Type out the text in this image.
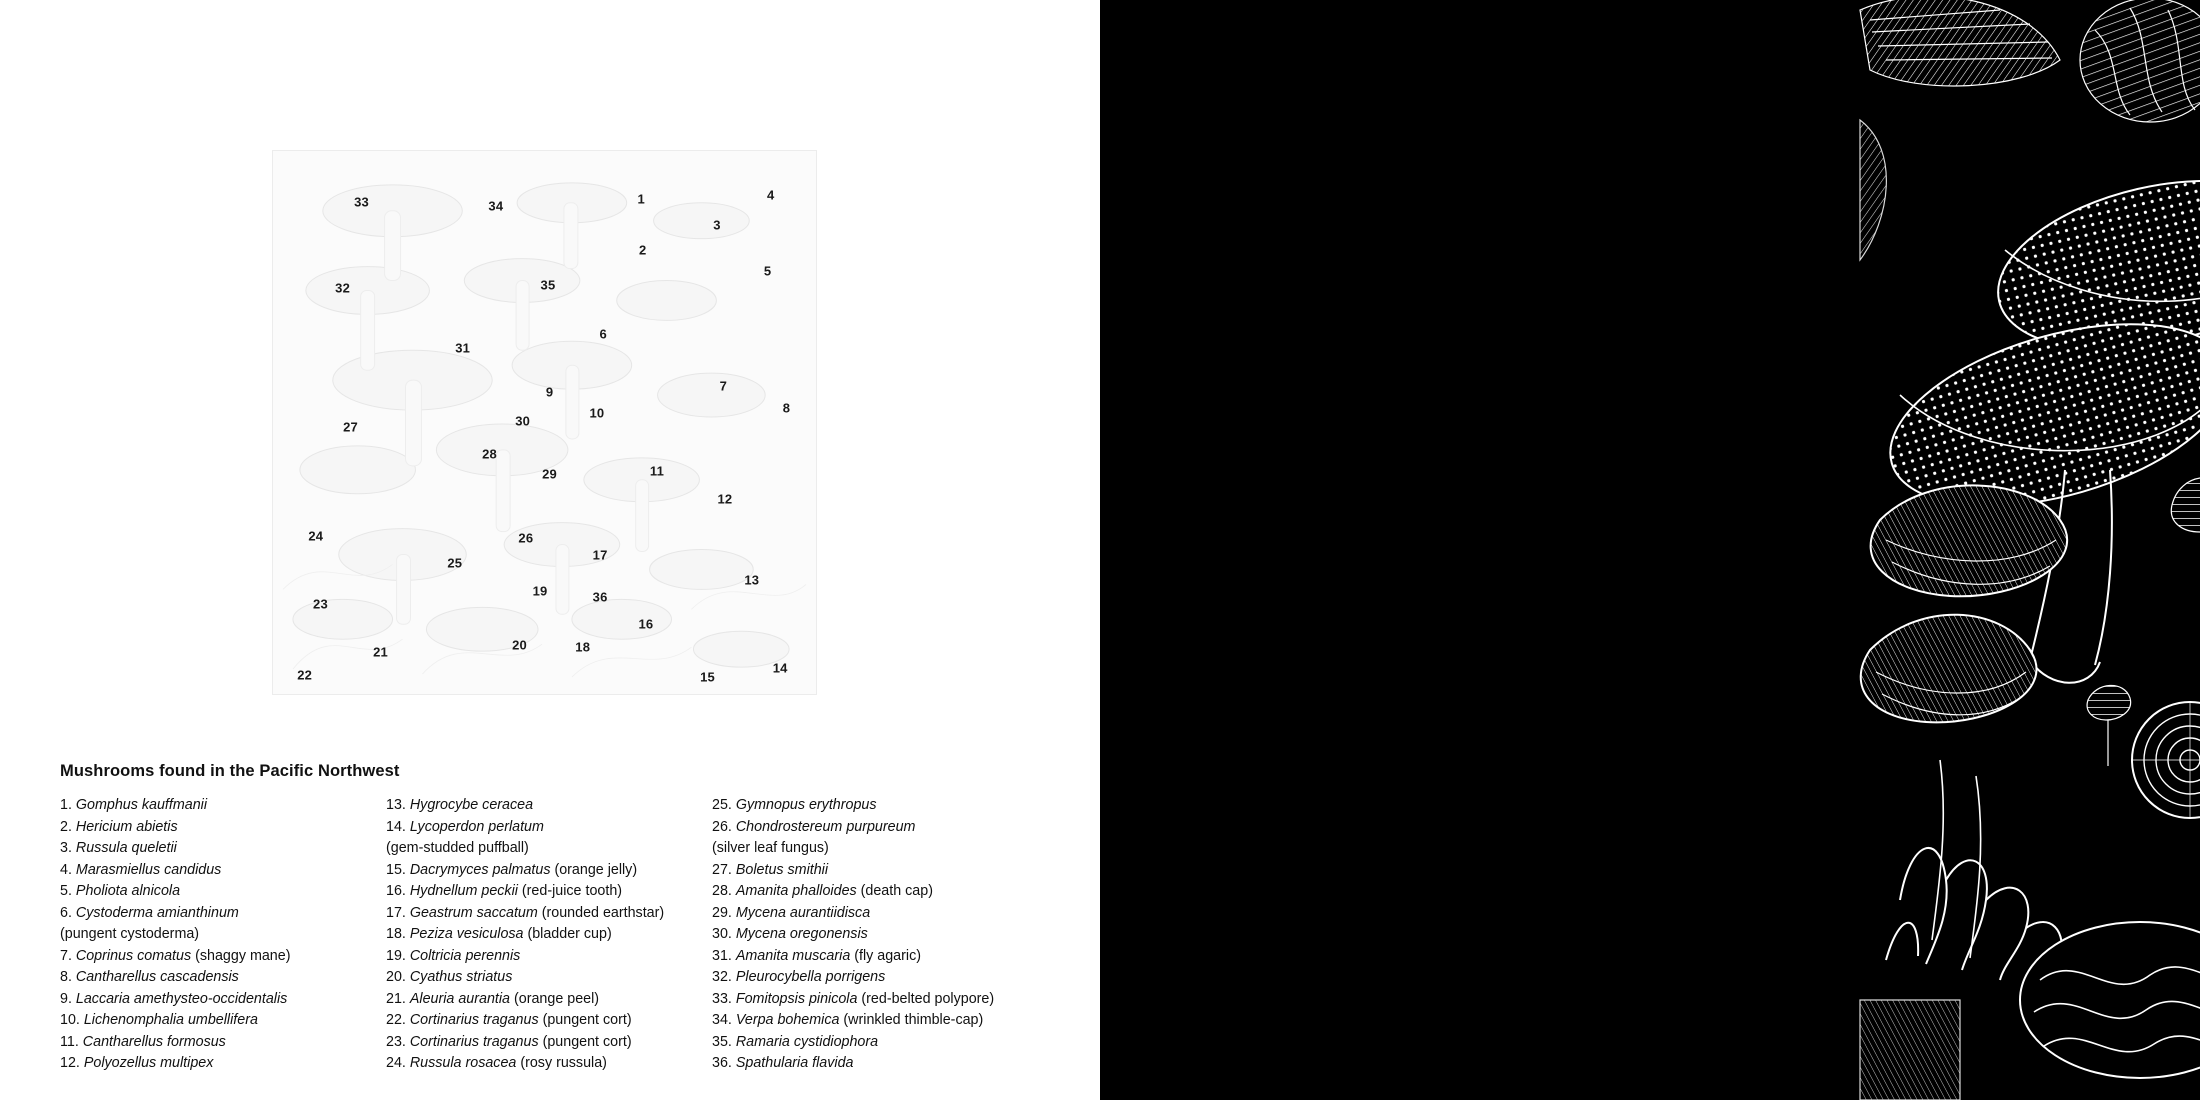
33	34	1	4
3
2
5
32	35
6
31
9
10
7
8
27	30
28
29	11
12
24	26
25
17
19	36
13
23
16
20	18
21
22	15
14
Mushrooms found in the Pacific Northwest
1. Gomphus kauffmanii
2. Hericium abietis
3. Russula queletii
4. Marasmiellus candidus
5. Pholiota alnicola
6. Cystoderma amianthinum
(pungent cystoderma)
7. Coprinus comatus (shaggy mane)
8. Cantharellus cascadensis
9. Laccaria amethysteo-occidentalis
10. Lichenomphalia umbellifera
11. Cantharellus formosus
12. Polyozellus multipex
13. Hygrocybe ceracea
14. Lycoperdon perlatum
(gem-studded puffball)
15. Dacrymyces palmatus (orange jelly)
16. Hydnellum peckii (red-juice tooth)
17. Geastrum saccatum (rounded earthstar)
18. Peziza vesiculosa (bladder cup)
19. Coltricia perennis
20. Cyathus striatus
21. Aleuria aurantia (orange peel)
22. Cortinarius traganus (pungent cort)
23. Cortinarius traganus (pungent cort)
24. Russula rosacea (rosy russula)
25. Gymnopus erythropus
26. Chondrostereum purpureum
(silver leaf fungus)
27. Boletus smithii
28. Amanita phalloides (death cap)
29. Mycena aurantiidisca
30. Mycena oregonensis
31. Amanita muscaria (fly agaric)
32. Pleurocybella porrigens
33. Fomitopsis pinicola (red-belted polypore)
34. Verpa bohemica (wrinkled thimble-cap)
35. Ramaria cystidiophora
36. Spathularia flavida
